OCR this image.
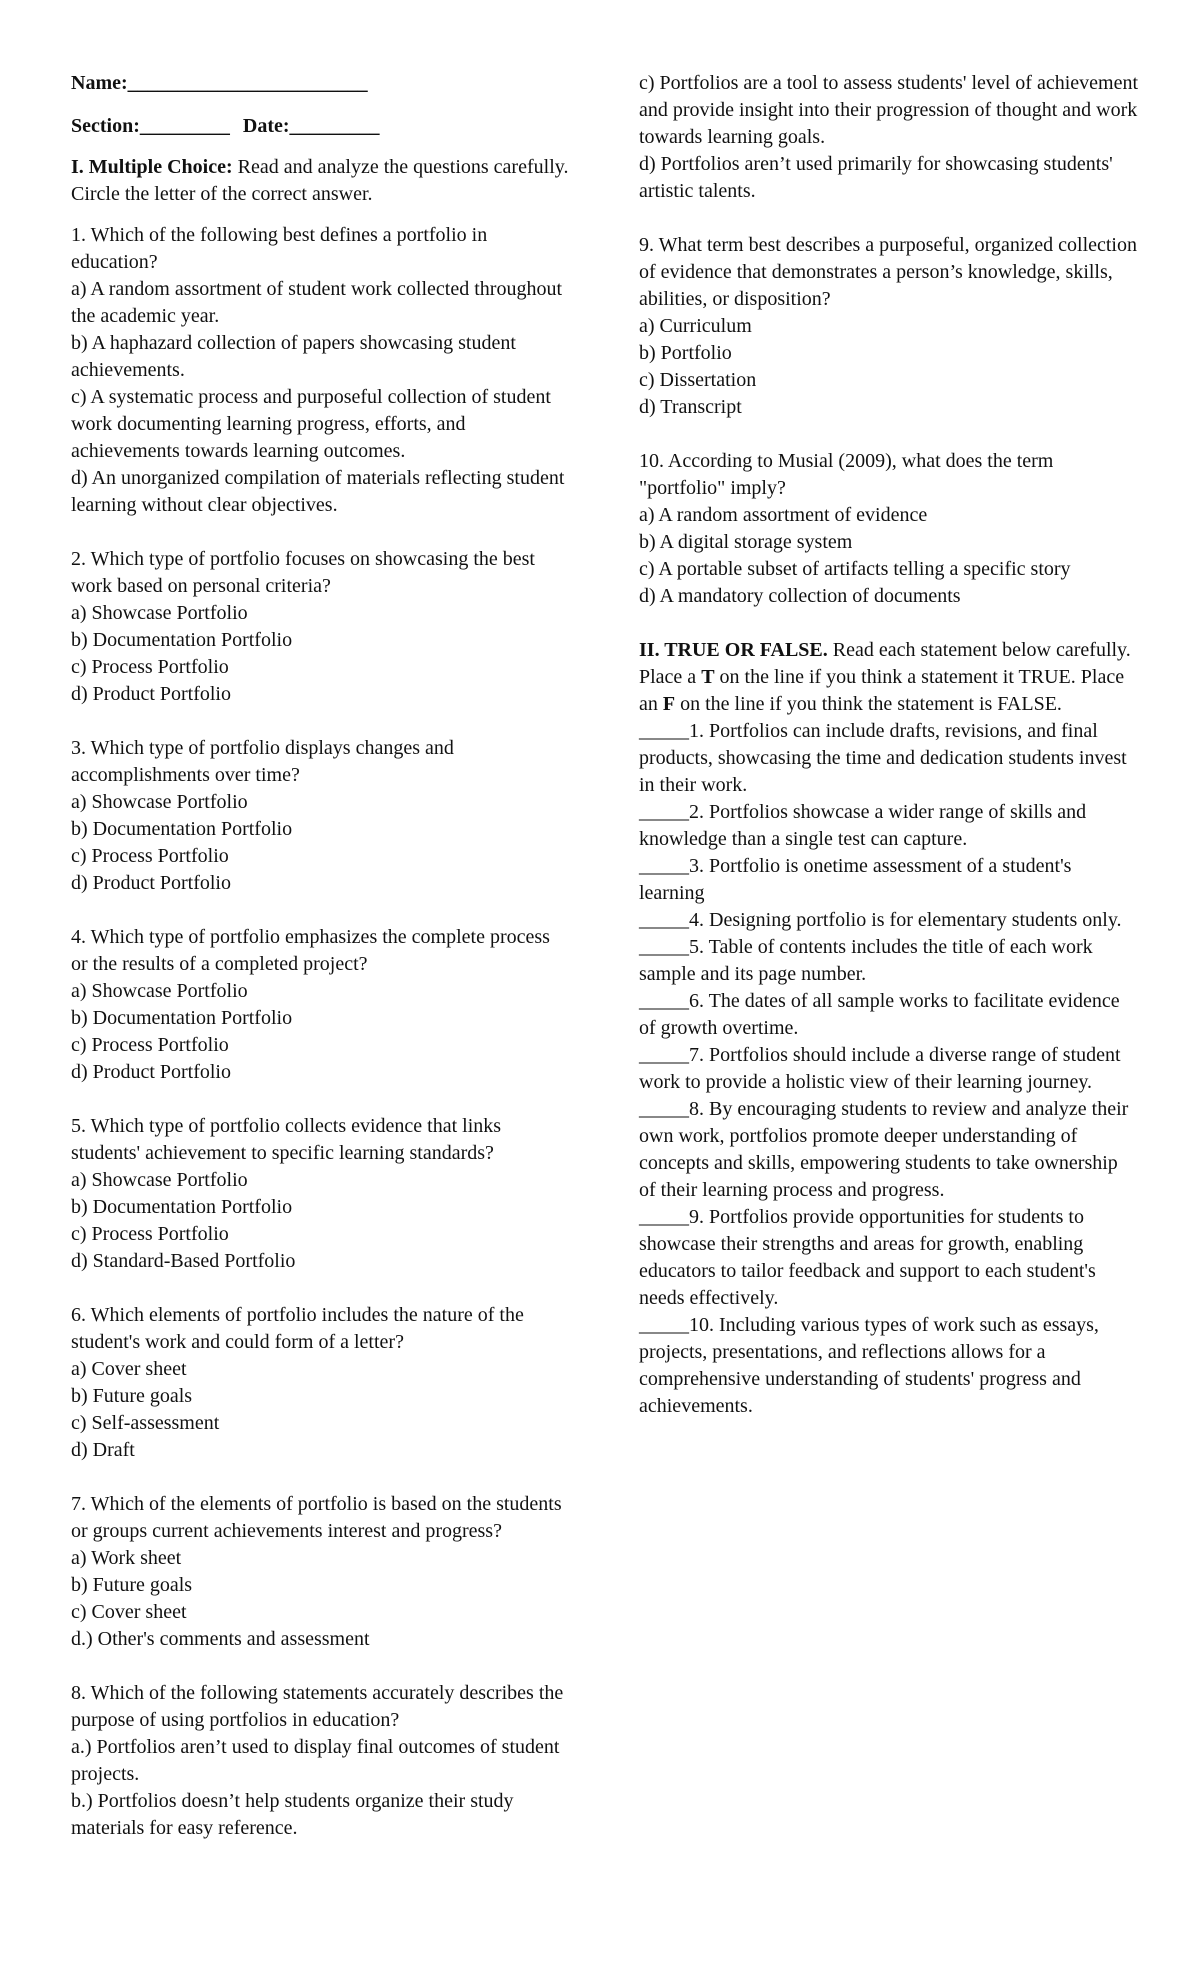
Name:________________________
Section:_________ Date:_________
I. Multiple Choice: Read and analyze the questions carefully. Circle the letter of the correct answer.
1. Which of the following best defines a portfolio in education?
a) A random assortment of student work collected throughout the academic year.
b) A haphazard collection of papers showcasing student achievements.
c) A systematic process and purposeful collection of student work documenting learning progress, efforts, and achievements towards learning outcomes.
d) An unorganized compilation of materials reflecting student learning without clear objectives.
2. Which type of portfolio focuses on showcasing the best work based on personal criteria?
a) Showcase Portfolio
b) Documentation Portfolio
c) Process Portfolio
d) Product Portfolio
3. Which type of portfolio displays changes and accomplishments over time?
a) Showcase Portfolio
b) Documentation Portfolio
c) Process Portfolio
d) Product Portfolio
4. Which type of portfolio emphasizes the complete process or the results of a completed project?
a) Showcase Portfolio
b) Documentation Portfolio
c) Process Portfolio
d) Product Portfolio
5. Which type of portfolio collects evidence that links students' achievement to specific learning standards?
a) Showcase Portfolio
b) Documentation Portfolio
c) Process Portfolio
d) Standard-Based Portfolio
6. Which elements of portfolio includes the nature of the student's work and could form of a letter?
a) Cover sheet
b) Future goals
c) Self-assessment
d) Draft
7. Which of the elements of portfolio is based on the students or groups current achievements interest and progress?
a) Work sheet
b) Future goals
c) Cover sheet
d.) Other's comments and assessment
8. Which of the following statements accurately describes the purpose of using portfolios in education?
a.) Portfolios aren’t used to display final outcomes of student projects.
b.) Portfolios doesn’t help students organize their study materials for easy reference.
c) Portfolios are a tool to assess students' level of achievement and provide insight into their progression of thought and work towards learning goals.
d) Portfolios aren’t used primarily for showcasing students' artistic talents.
9. What term best describes a purposeful, organized collection of evidence that demonstrates a person’s knowledge, skills, abilities, or disposition?
a) Curriculum
b) Portfolio
c) Dissertation
d) Transcript
10. According to Musial (2009), what does the term "portfolio" imply?
a) A random assortment of evidence
b) A digital storage system
c) A portable subset of artifacts telling a specific story
d) A mandatory collection of documents
II. TRUE OR FALSE. Read each statement below carefully. Place a T on the line if you think a statement it TRUE. Place an F on the line if you think the statement is FALSE.
_____1. Portfolios can include drafts, revisions, and final products, showcasing the time and dedication students invest in their work.
_____2. Portfolios showcase a wider range of skills and knowledge than a single test can capture.
_____3. Portfolio is onetime assessment of a student's learning
_____4. Designing portfolio is for elementary students only.
_____5. Table of contents includes the title of each work sample and its page number.
_____6. The dates of all sample works to facilitate evidence of growth overtime.
_____7. Portfolios should include a diverse range of student work to provide a holistic view of their learning journey.
_____8. By encouraging students to review and analyze their own work, portfolios promote deeper understanding of concepts and skills, empowering students to take ownership of their learning process and progress.
_____9. Portfolios provide opportunities for students to showcase their strengths and areas for growth, enabling educators to tailor feedback and support to each student's needs effectively.
_____10. Including various types of work such as essays, projects, presentations, and reflections allows for a comprehensive understanding of students' progress and achievements.
